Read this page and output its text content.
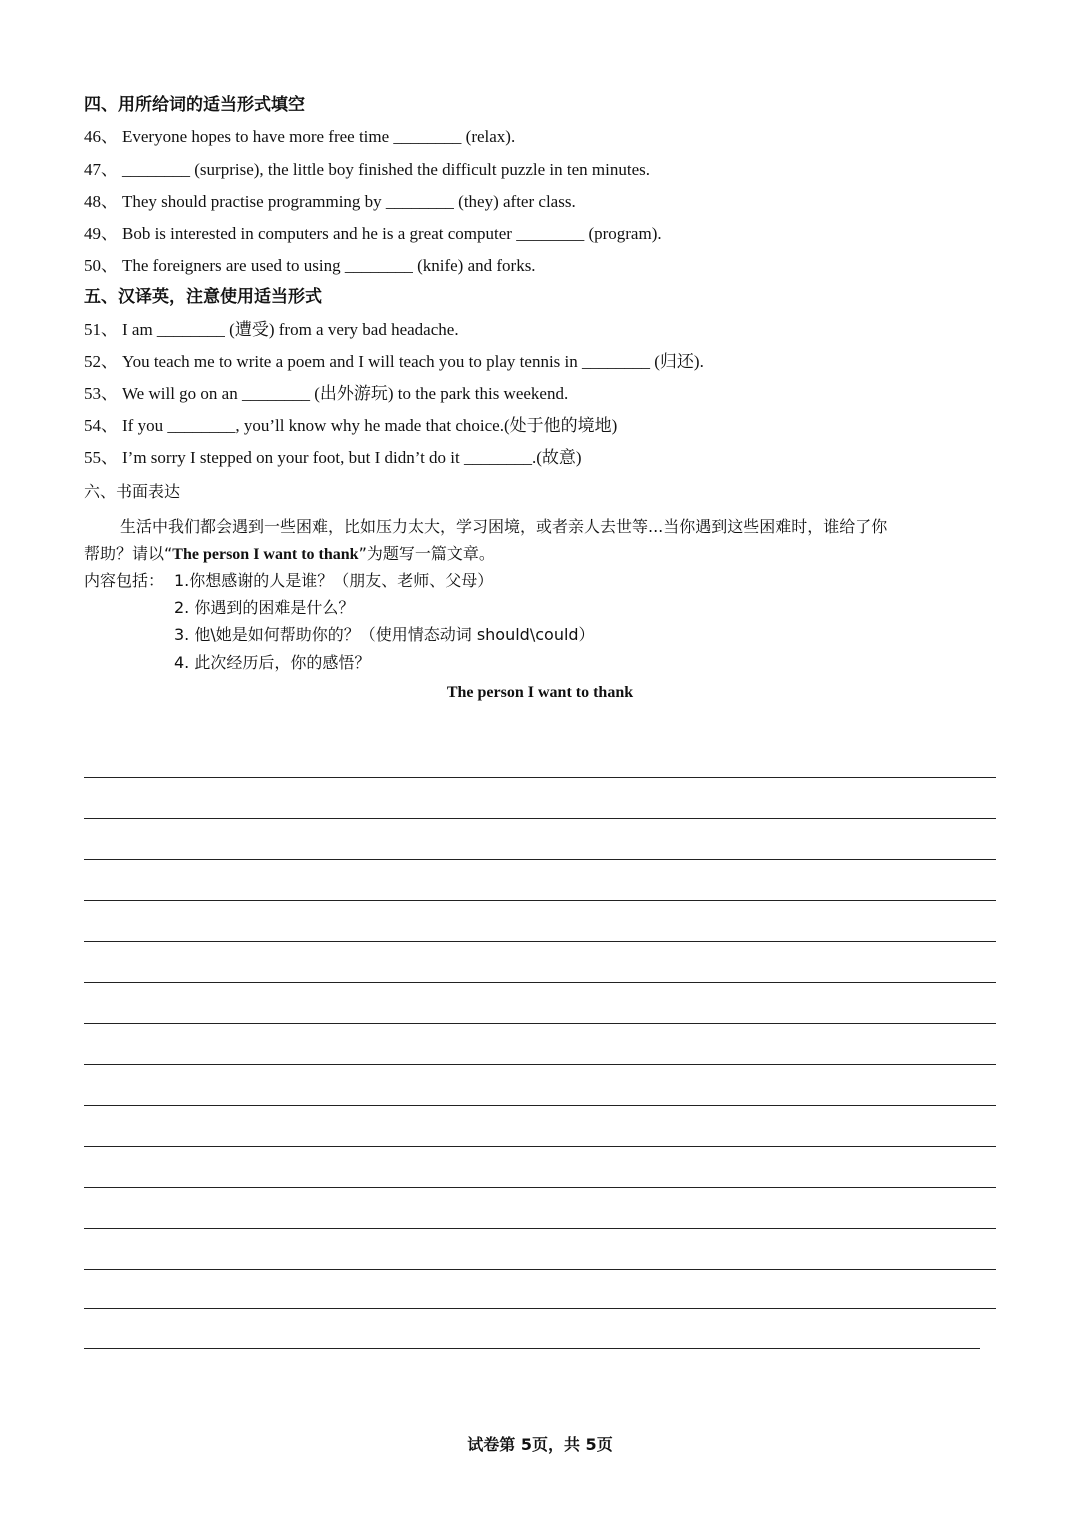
四、用所给词的适当形式填空
46、 Everyone hopes to have more free time ________ (relax).
47、 ________ (surprise), the little boy finished the difficult puzzle in ten minutes.
48、 They should practise programming by ________ (they) after class.
49、 Bob is interested in computers and he is a great computer ________ (program).
50、 The foreigners are used to using ________ (knife) and forks.
五、汉译英，注意使用适当形式
51、 I am ________ (遭受) from a very bad headache.
52、 You teach me to write a poem and I will teach you to play tennis in ________ (归还).
53、 We will go on an ________ (出外游玩) to the park this weekend.
54、 If you ________, you’ll know why he made that choice.(处于他的境地)
55、 I’m sorry I stepped on your foot, but I didn’t do it ________.(故意)
六、书面表达
生活中我们都会遇到一些困难，比如压力太大，学习困境，或者亲人去世等...当你遇到这些困难时，谁给了你
帮助？请以“The person I want to thank”为题写一篇文章。
内容包括： 1.你想感谢的人是谁？（朋友、老师、父母）
2. 你遇到的困难是什么？
3. 他\她是如何帮助你的？（使用情态动词 should\could）
4. 此次经历后，你的感悟？
The person I want to thank
试卷第 5页，共 5页
